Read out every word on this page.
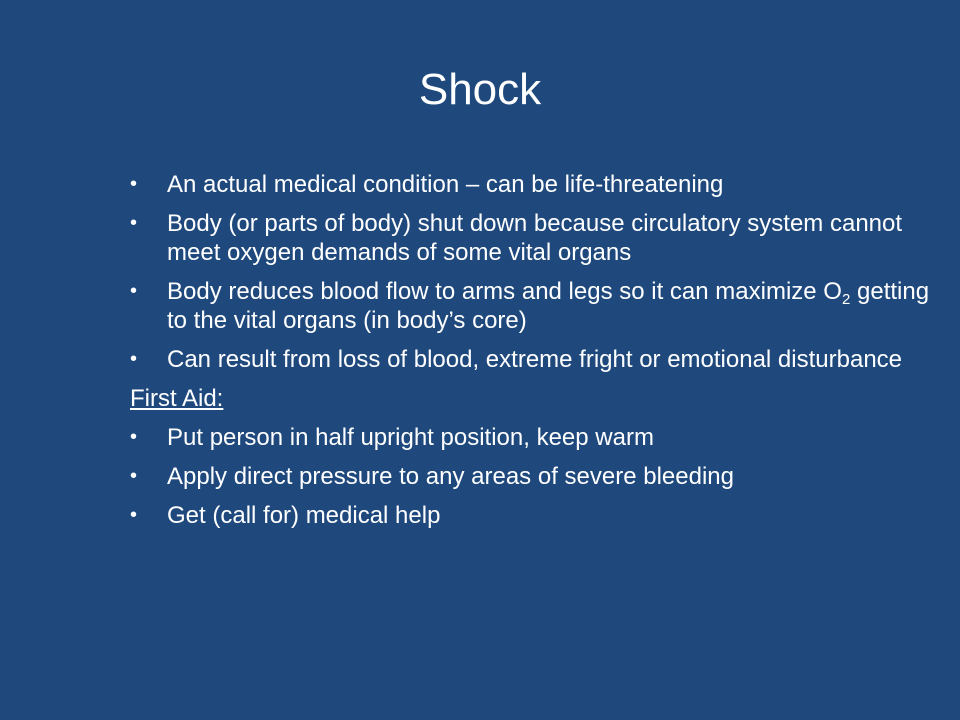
Shock
•	An actual medical condition – can be life-threatening
•	Body (or parts of body) shut down because circulatory system cannot meet oxygen demands of some vital organs
•	Body reduces blood flow to arms and legs so it can maximize $O_2$ getting to the vital organs (in body’s core)
•	Can result from loss of blood, extreme fright or emotional disturbance
First Aid:
•	Put person in half upright position, keep warm
•	Apply direct pressure to any areas of severe bleeding
•	Get (call for) medical help
